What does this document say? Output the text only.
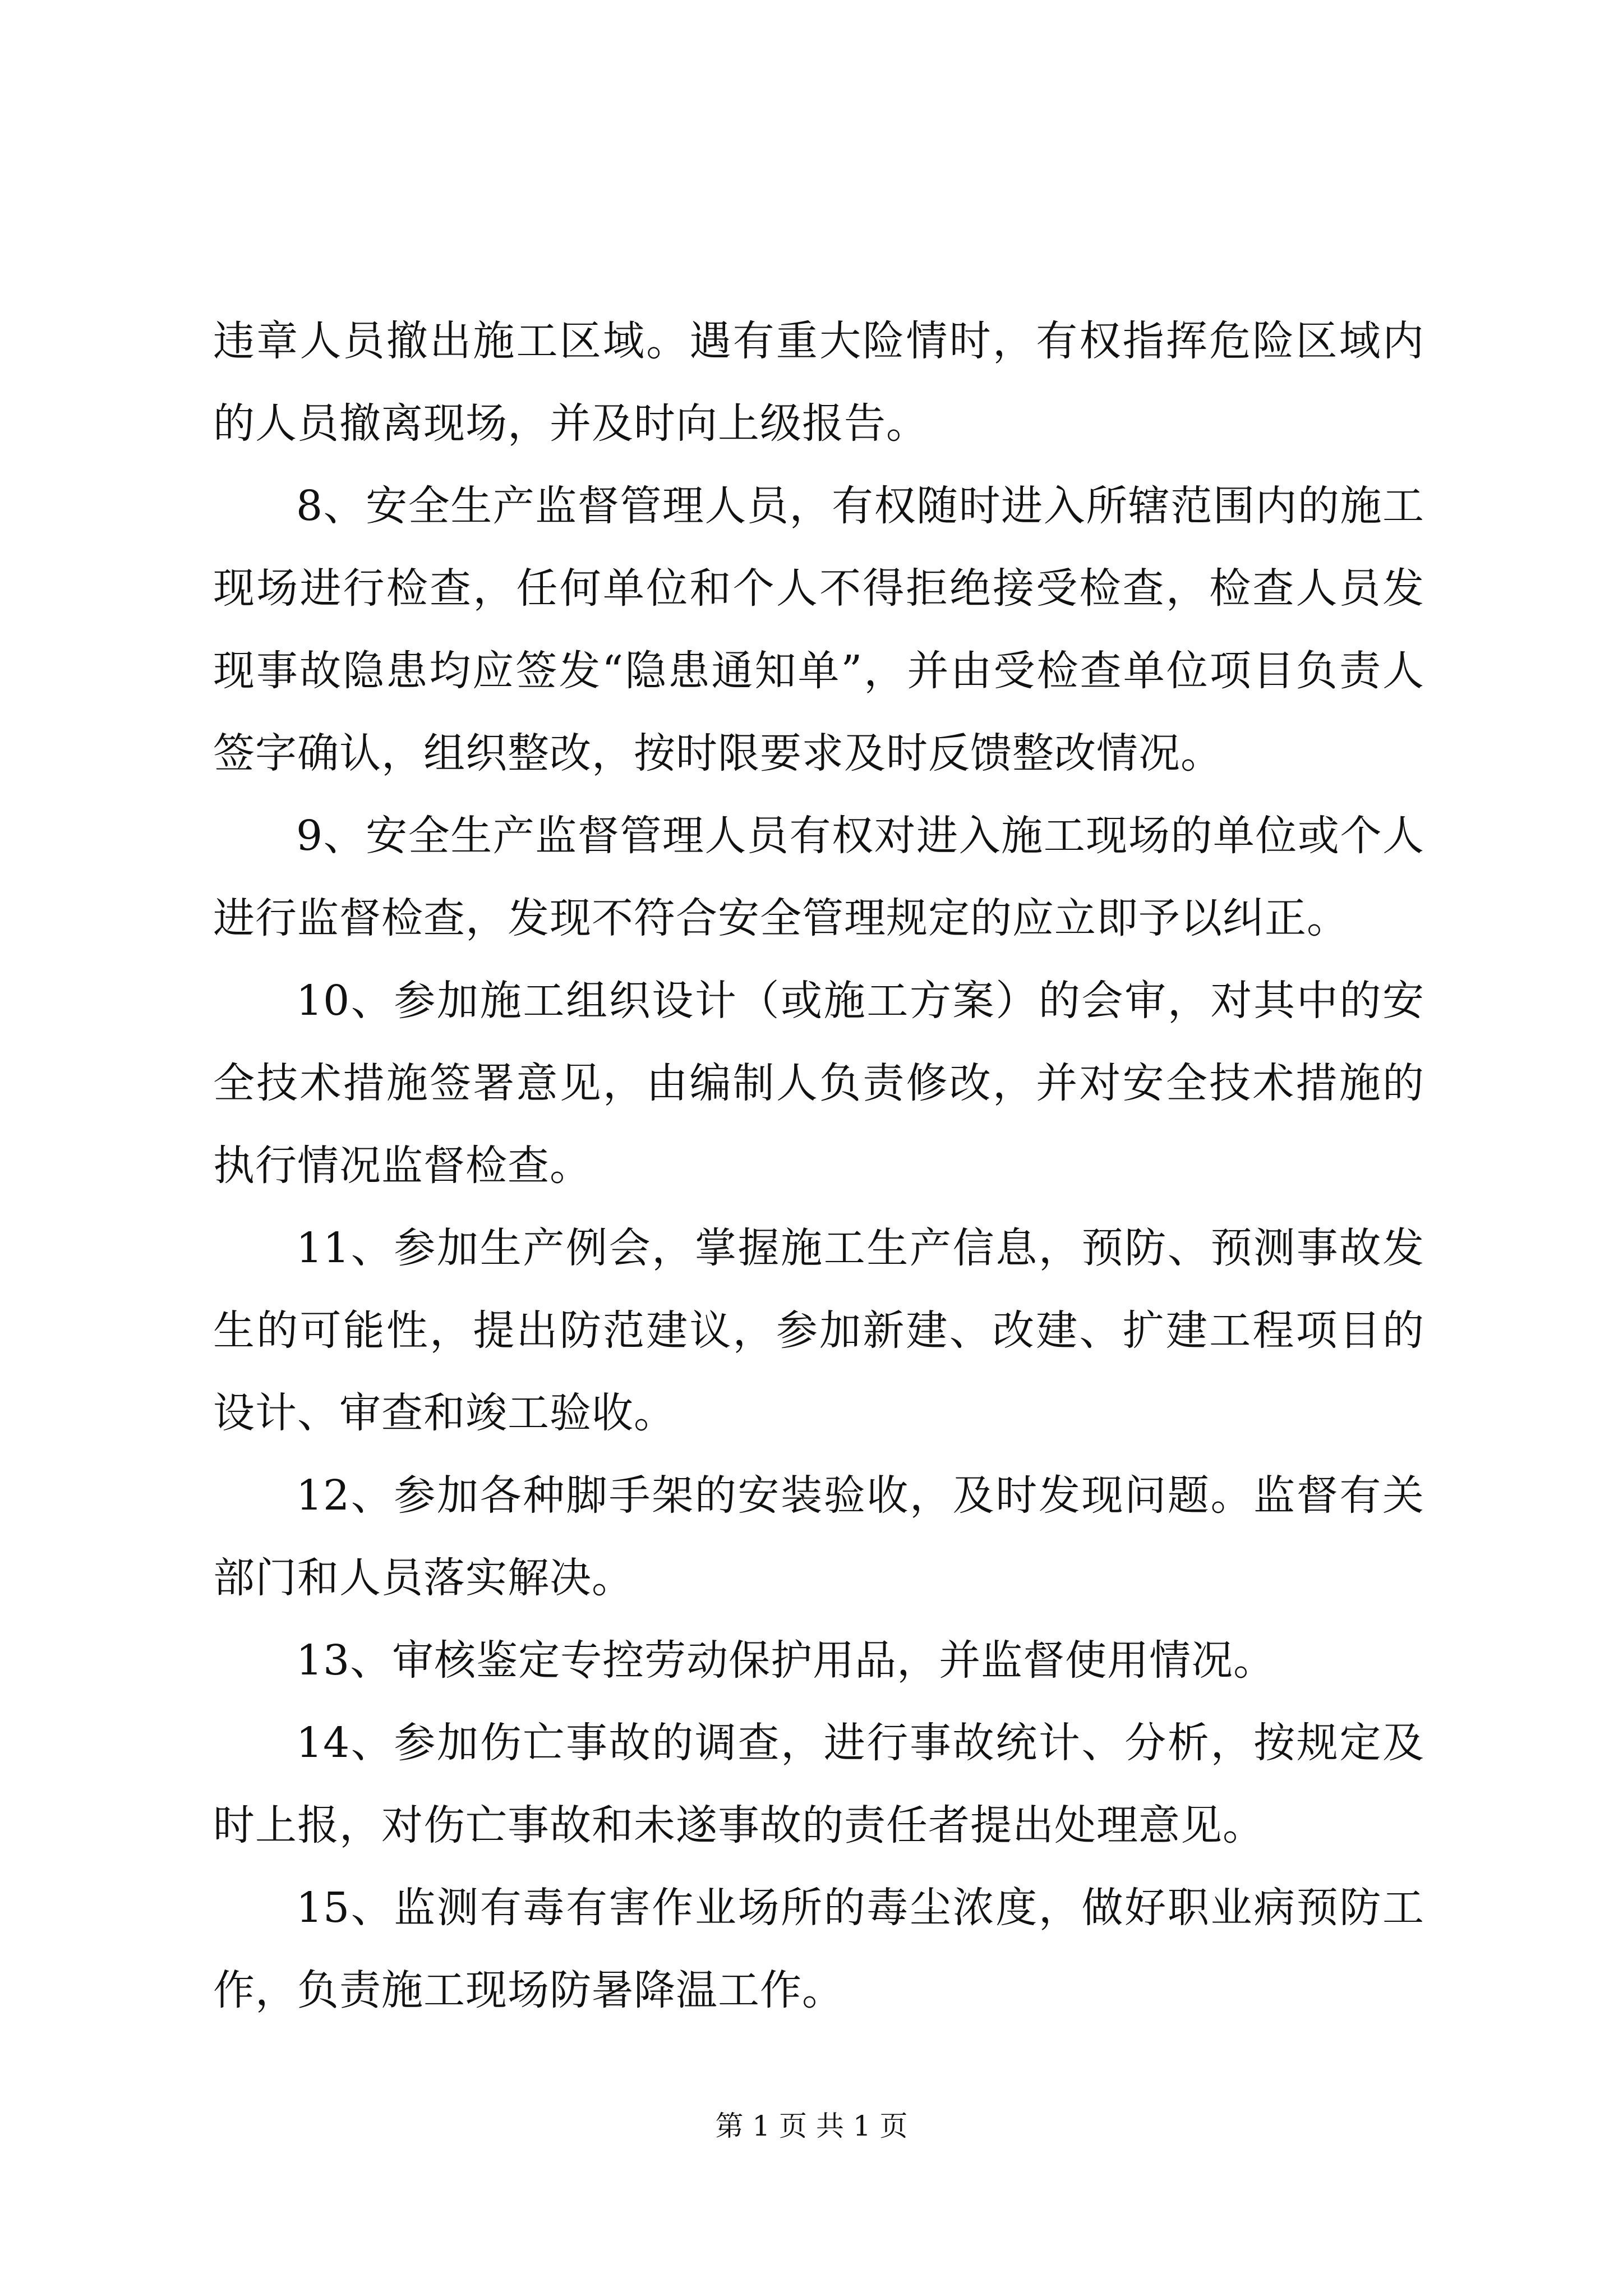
违章人员撤出施工区域。遇有重大险情时，有权指挥危险区域内的人员撤离现场，并及时向上级报告。

8、安全生产监督管理人员，有权随时进入所辖范围内的施工现场进行检查，任何单位和个人不得拒绝接受检查，检查人员发现事故隐患均应签发“隐患通知单”，并由受检查单位项目负责人签字确认，组织整改，按时限要求及时反馈整改情况。

9、安全生产监督管理人员有权对进入施工现场的单位或个人进行监督检查，发现不符合安全管理规定的应立即予以纠正。

10、参加施工组织设计（或施工方案）的会审，对其中的安全技术措施签署意见，由编制人负责修改，并对安全技术措施的执行情况监督检查。

11、参加生产例会，掌握施工生产信息，预防、预测事故发生的可能性，提出防范建议，参加新建、改建、扩建工程项目的设计、审查和竣工验收。

12、参加各种脚手架的安装验收，及时发现问题。监督有关部门和人员落实解决。

13、审核鉴定专控劳动保护用品，并监督使用情况。

14、参加伤亡事故的调查，进行事故统计、分析，按规定及时上报，对伤亡事故和未遂事故的责任者提出处理意见。

15、监测有毒有害作业场所的毒尘浓度，做好职业病预防工作，负责施工现场防暑降温工作。

第 1 页 共 1 页
